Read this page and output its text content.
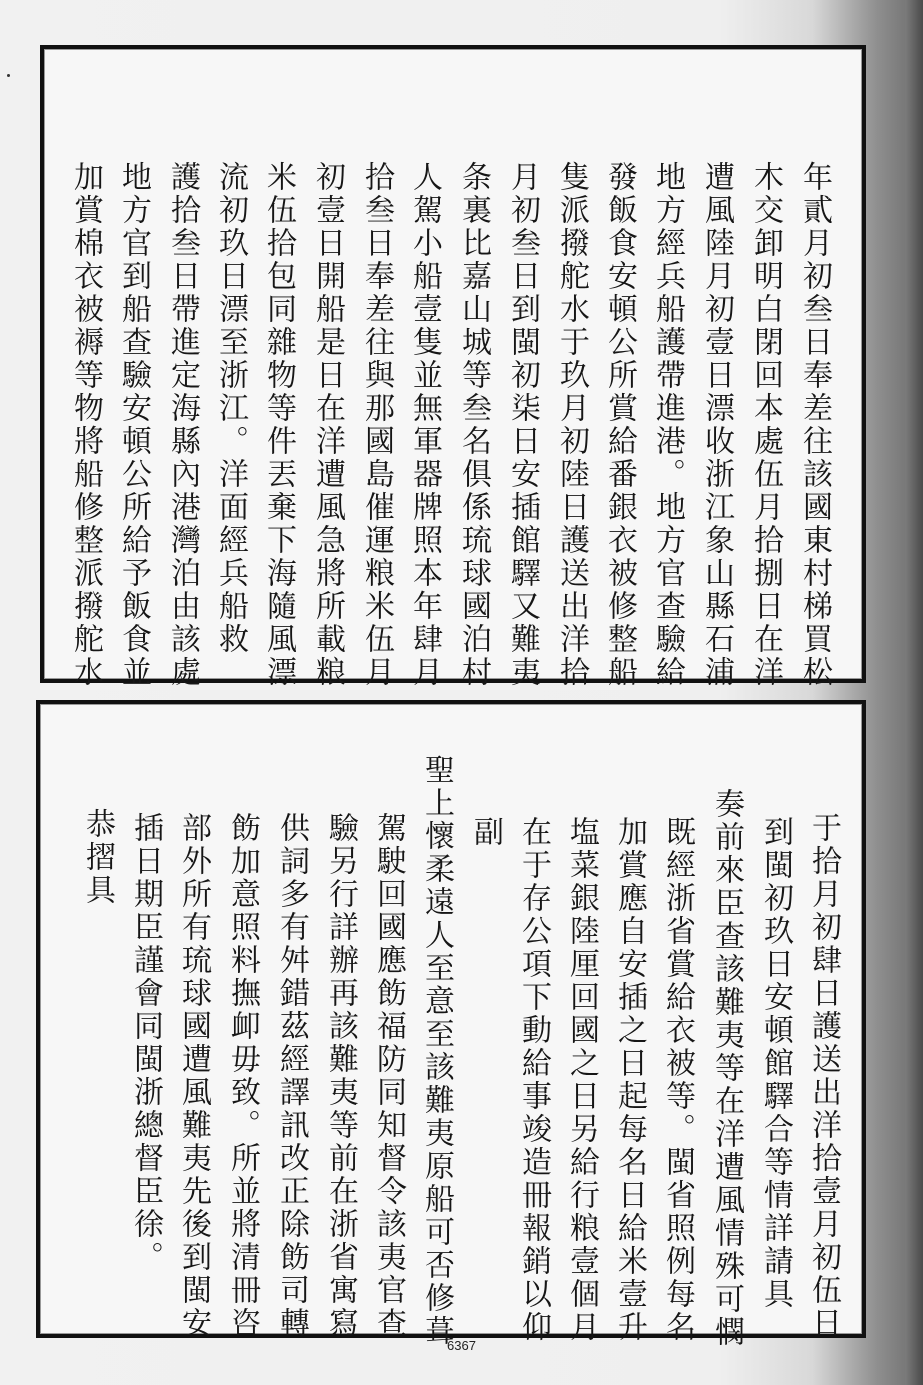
年貳月初叁日奉差往該國東村梯買松
木交卸明白閉回本處伍月拾捌日在洋
遭風陸月初壹日漂收浙江象山縣石浦
地方經兵船護帶進港。地方官查驗給
發飯食安頓公所賞給番銀衣被修整船
隻派撥舵水于玖月初陸日護送出洋拾
月初叁日到閩初柒日安插館驛又難夷
条裏比嘉山城等叁名俱係琉球國泊村
人駕小船壹隻並無軍器牌照本年肆月
拾叁日奉差往與那國島催運粮米伍月
初壹日開船是日在洋遭風急將所載粮
米伍拾包同雜物等件丟棄下海隨風漂
流初玖日漂至浙江。洋面經兵船救
護拾叁日帶進定海縣內港灣泊由該處
地方官到船查驗安頓公所給予飯食並
加賞棉衣被褥等物將船修整派撥舵水
于拾月初肆日護送出洋拾壹月初伍日
到閩初玖日安頓館驛合等情詳請具
奏前來臣查該難夷等在洋遭風情殊可憫
既經浙省賞給衣被等。閩省照例每名
加賞應自安插之日起每名日給米壹升
塩菜銀陸厘回國之日另給行粮壹個月
在于存公項下動給事竣造冊報銷以仰
副
聖上懷柔遠人至意至該難夷原船可否修葺
駕駛回國應飭福防同知督令該夷官查
驗另行詳辦再該難夷等前在浙省寓寫
供詞多有舛錯茲經譯訊改正除飭司轉
飭加意照料撫卹毋致。所並將清冊咨
部外所有琉球國遭風難夷先後到閩安
插日期臣謹會同閩浙總督臣徐。
恭摺具
6367
